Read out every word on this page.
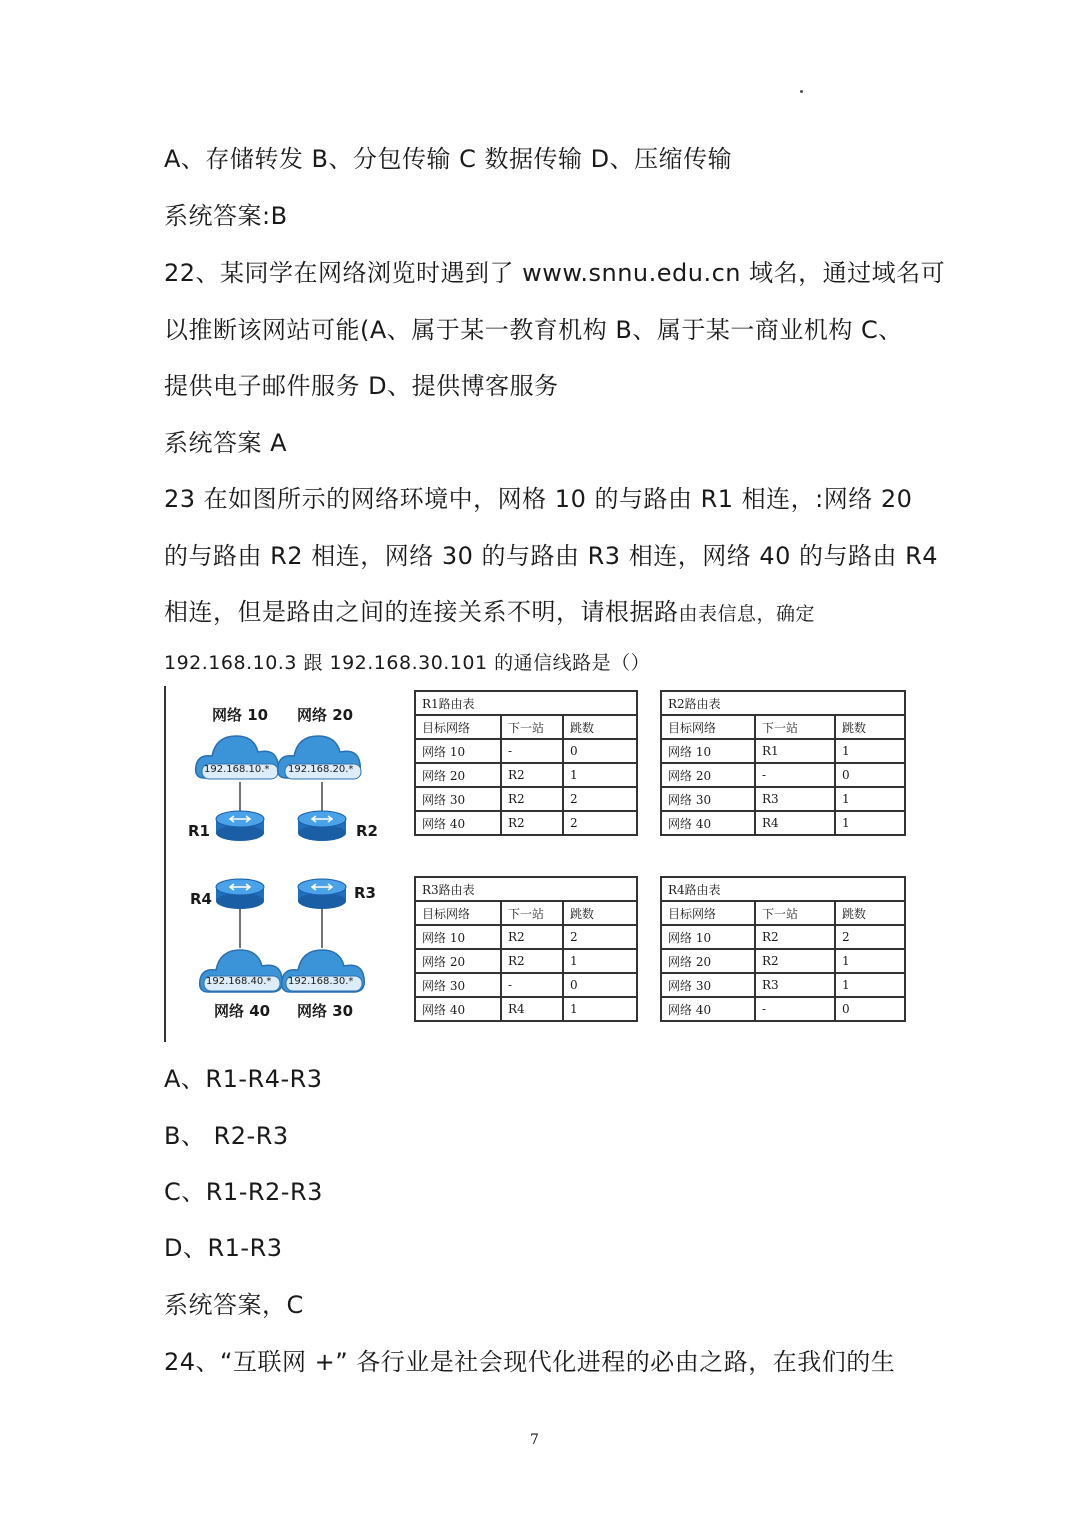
A、存储转发 B、分包传输 C 数据传输 D、压缩传输
系统答案:B
22、某同学在网络浏览时遇到了 www.snnu.edu.cn 域名，通过域名可
以推断该网站可能(A、属于某一教育机构 B、属于某一商业机构 C、
提供电子邮件服务 D、提供博客服务
系统答案 A
23 在如图所示的网络环境中，网格 10 的与路由 R1 相连，:网络 20
的与路由 R2 相连，网络 30 的与路由 R3 相连，网络 40 的与路由 R4
相连，但是路由之间的连接关系不明，请根据路由表信息，确定
192.168.10.3 跟 192.168.30.101 的通信线路是（）
192.168.10.* 192.168.20.*
192.168.40.* 192.168.30.*
网络 10 网络 20
网络 40 网络 30
R1	R2
R4	R3
R1路由表		
目标网络	下一站	跳数
网络 10	-	0
网络 20	R2	1
网络 30	R2	2
网络 40	R2	2
R2路由表		
目标网络	下一站	跳数
网络 10	R1	1
网络 20	-	0
网络 30	R3	1
网络 40	R4	1
R3路由表		
目标网络	下一站	跳数
网络 10	R2	2
网络 20	R2	1
网络 30	-	0
网络 40	R4	1
R4路由表		
目标网络	下一站	跳数
网络 10	R2	2
网络 20	R2	1
网络 30	R3	1
网络 40	-	0
A、R1-R4-R3
B、 R2-R3
C、R1-R2-R3
D、R1-R3
系统答案，C
24、“互联网 +” 各行业是社会现代化进程的必由之路，在我们的生
7
